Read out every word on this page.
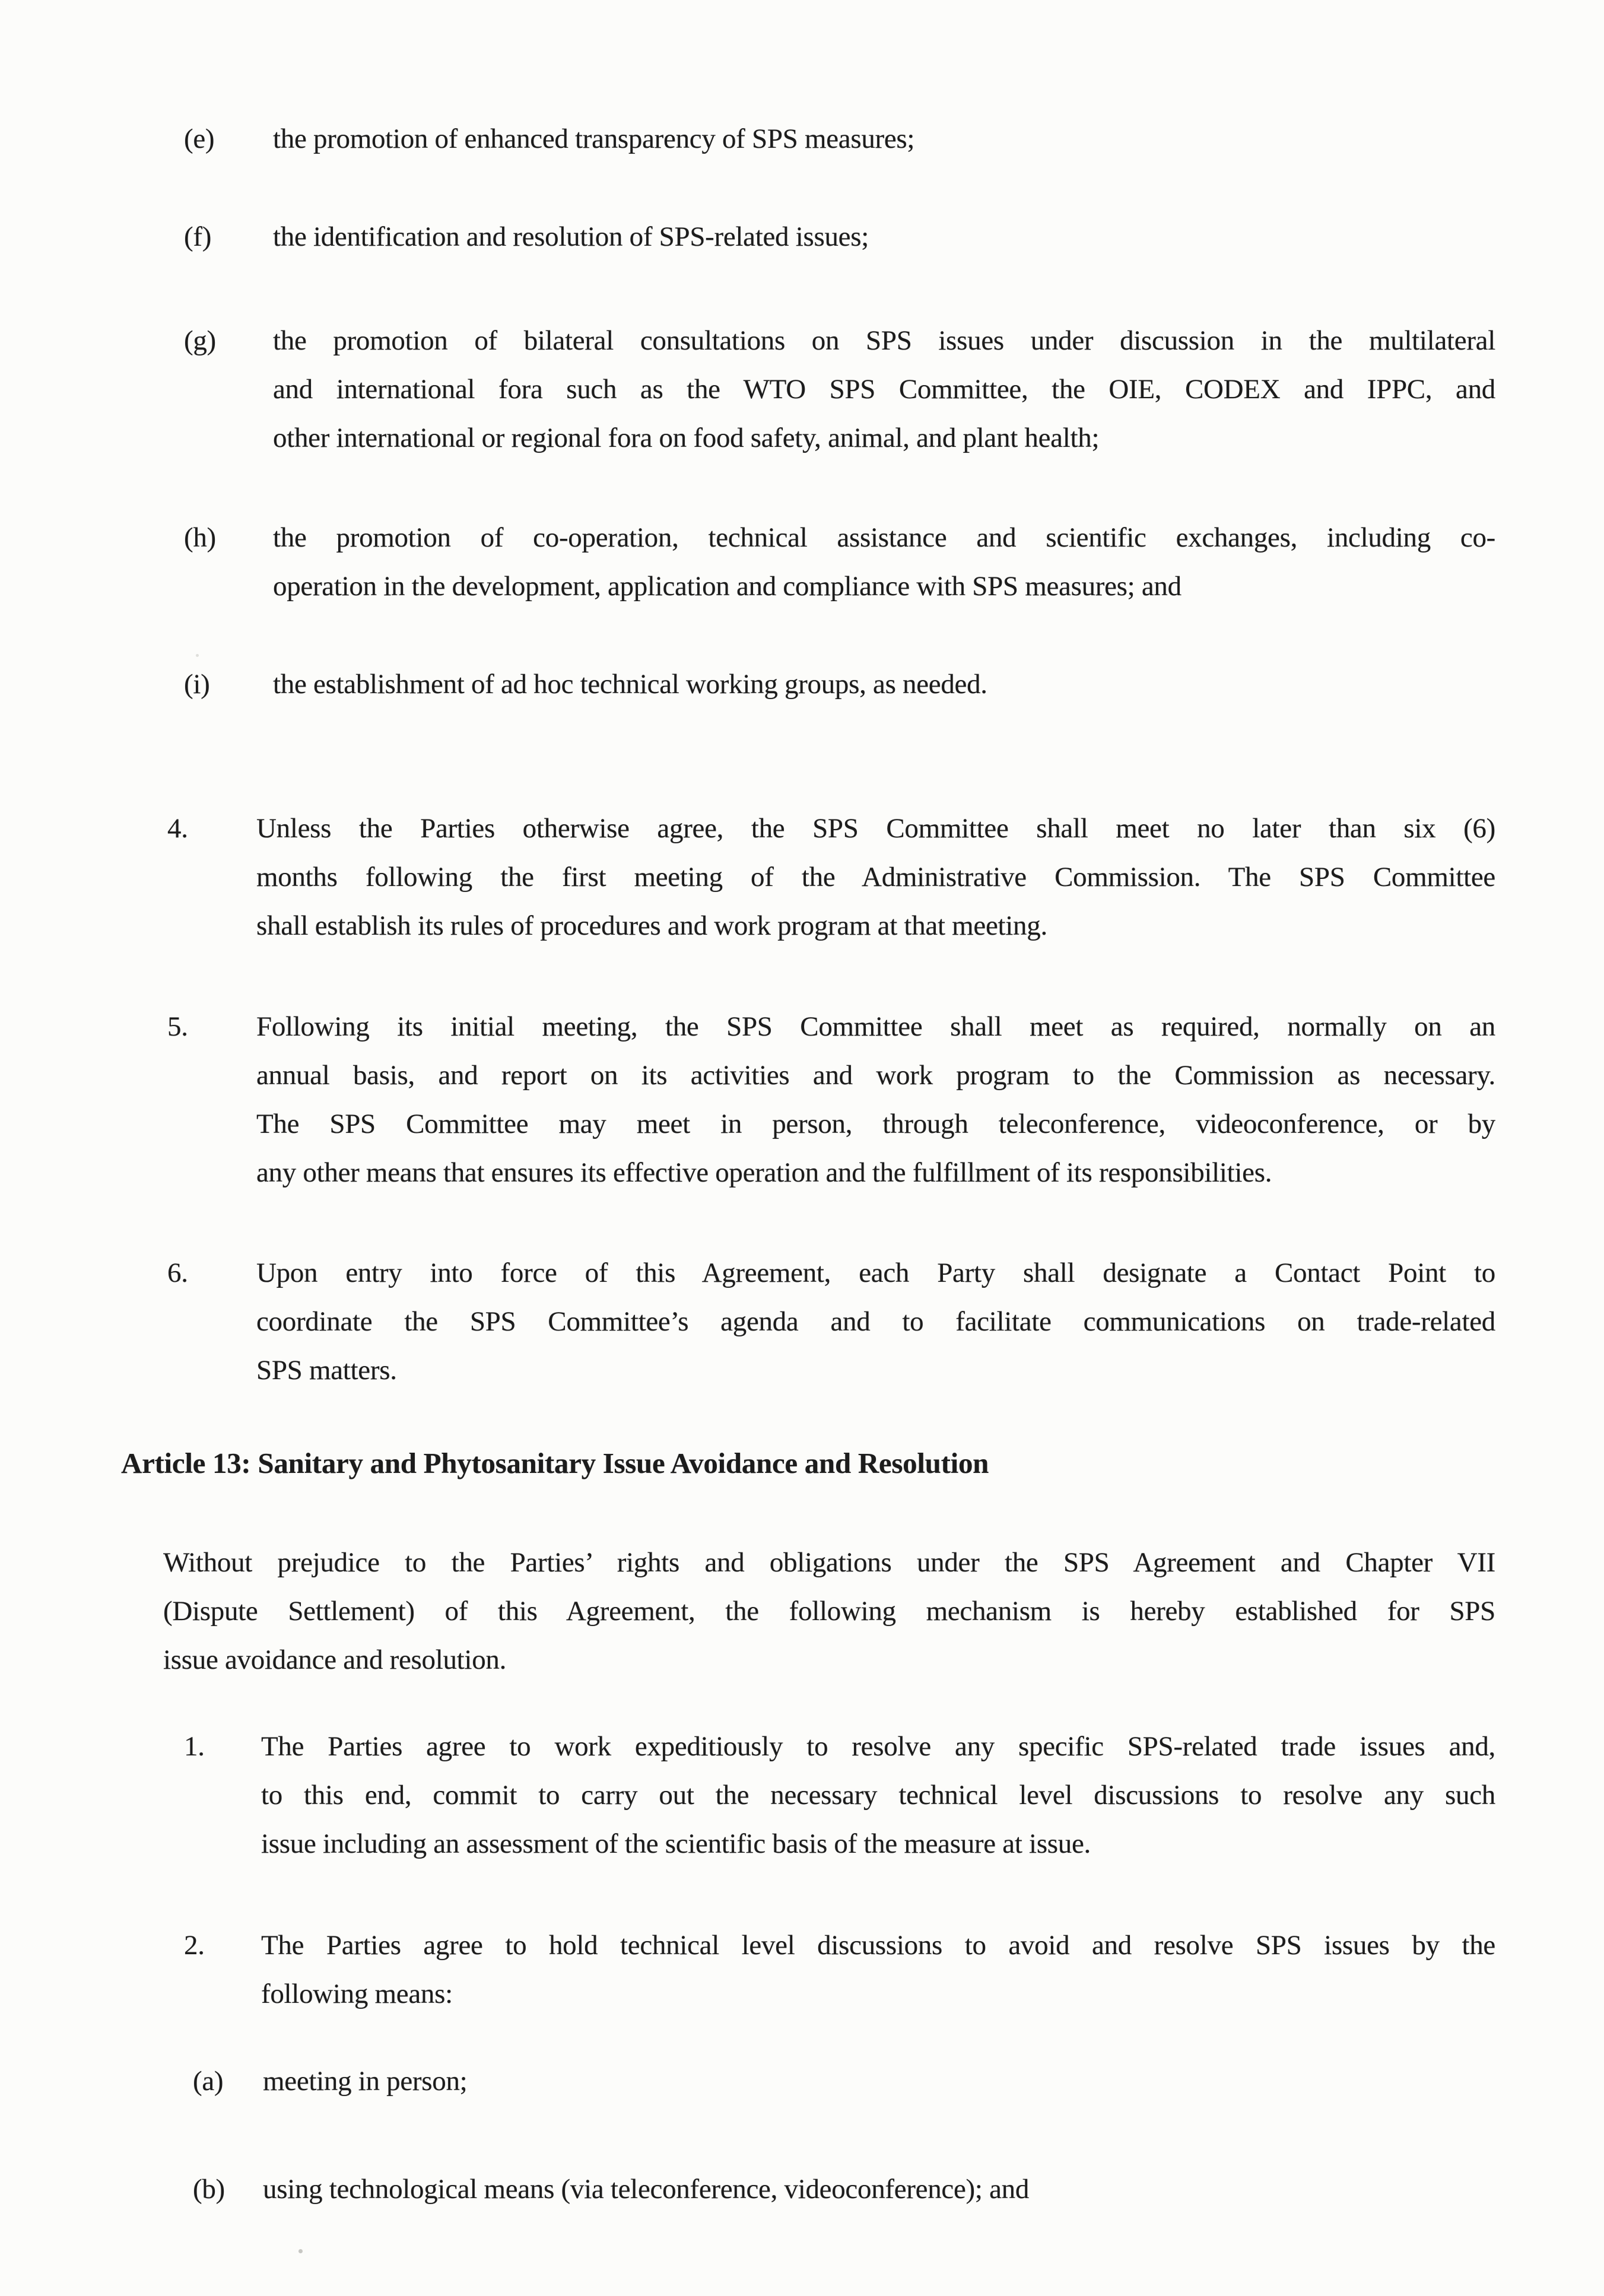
(e)	the promotion of enhanced transparency of SPS measures;
(f)	the identification and resolution of SPS-related issues;
(g)	the promotion of bilateral consultations on SPS issues under discussion in the multilateral
and international fora such as the WTO SPS Committee, the OIE, CODEX and IPPC, and
other international or regional fora on food safety, animal, and plant health;
(h)	the promotion of co-operation, technical assistance and scientific exchanges, including co-
operation in the development, application and compliance with SPS measures; and
(i)	the establishment of ad hoc technical working groups, as needed.
4.	Unless the Parties otherwise agree, the SPS Committee shall meet no later than six (6)
months following the first meeting of the Administrative Commission. The SPS Committee
shall establish its rules of procedures and work program at that meeting.
5.	Following its initial meeting, the SPS Committee shall meet as required, normally on an
annual basis, and report on its activities and work program to the Commission as necessary.
The SPS Committee may meet in person, through teleconference, videoconference, or by
any other means that ensures its effective operation and the fulfillment of its responsibilities.
6.	Upon entry into force of this Agreement, each Party shall designate a Contact Point to
coordinate the SPS Committee’s agenda and to facilitate communications on trade-related
SPS matters.
Article 13: Sanitary and Phytosanitary Issue Avoidance and Resolution
Without prejudice to the Parties’ rights and obligations under the SPS Agreement and Chapter VII
(Dispute Settlement) of this Agreement, the following mechanism is hereby established for SPS
issue avoidance and resolution.
1.	The Parties agree to work expeditiously to resolve any specific SPS-related trade issues and,
to this end, commit to carry out the necessary technical level discussions to resolve any such
issue including an assessment of the scientific basis of the measure at issue.
2.	The Parties agree to hold technical level discussions to avoid and resolve SPS issues by the
following means:
(a)	meeting in person;
(b)	using technological means (via teleconference, videoconference); and
